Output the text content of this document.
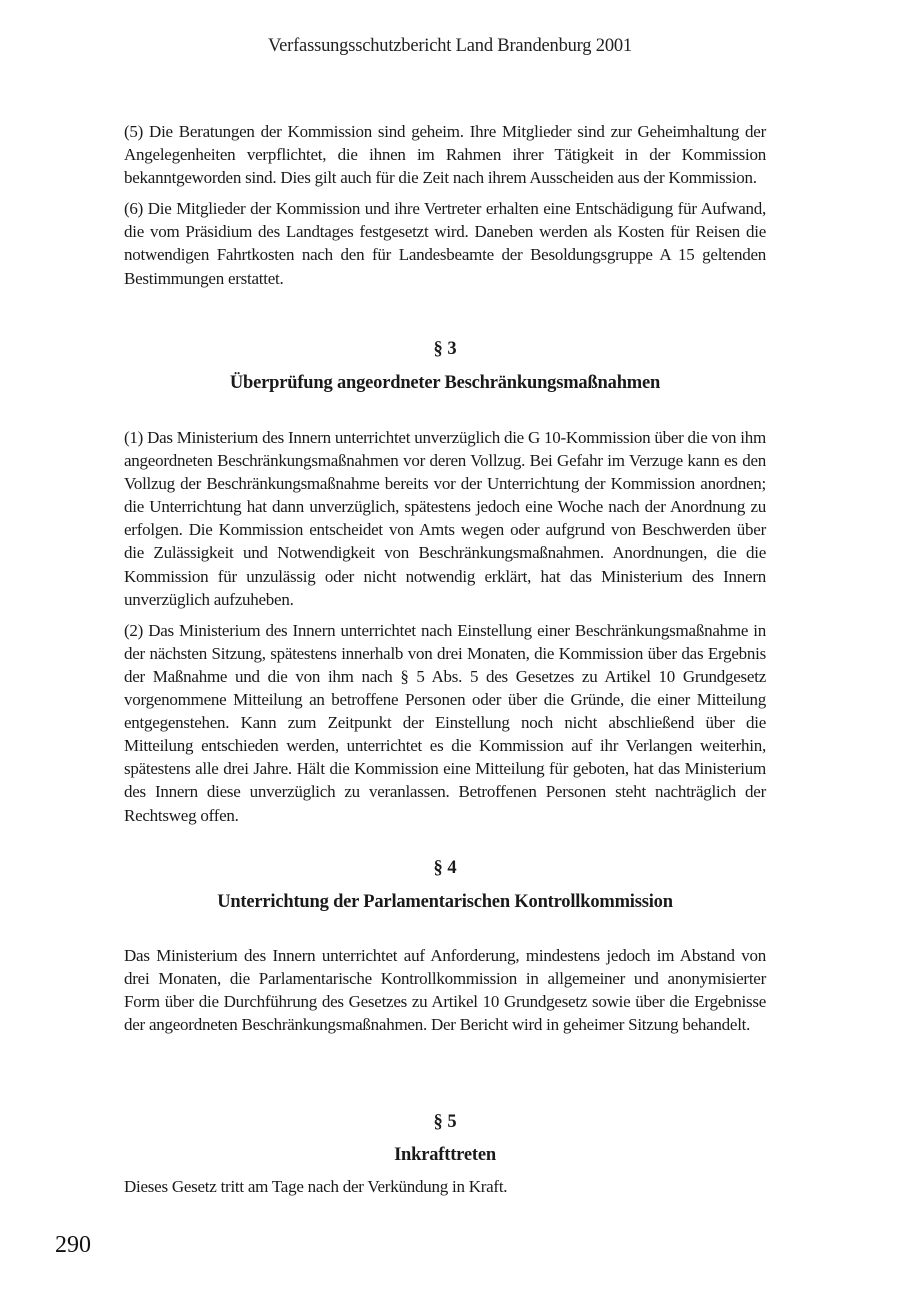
Verfassungsschutzbericht Land Brandenburg 2001

(5) Die Beratungen der Kommission sind geheim. Ihre Mitglieder sind zur Geheimhaltung der Angelegenheiten verpflichtet, die ihnen im Rahmen ihrer Tätigkeit in der Kommission bekanntgeworden sind. Dies gilt auch für die Zeit nach ihrem Ausscheiden aus der Kommission.

(6) Die Mitglieder der Kommission und ihre Vertreter erhalten eine Entschädigung für Aufwand, die vom Präsidium des Landtages festgesetzt wird. Daneben werden als Kosten für Reisen die notwendigen Fahrtkosten nach den für Landesbeamte der Besoldungsgruppe A 15 geltenden Bestimmungen erstattet.

§ 3
Überprüfung angeordneter Beschränkungsmaßnahmen

(1) Das Ministerium des Innern unterrichtet unverzüglich die G 10-Kommission über die von ihm angeordneten Beschränkungsmaßnahmen vor deren Vollzug. Bei Gefahr im Verzuge kann es den Vollzug der Beschränkungsmaßnahme bereits vor der Unterrichtung der Kommission anordnen; die Unterrichtung hat dann unverzüglich, spätestens jedoch eine Woche nach der Anordnung zu erfolgen. Die Kommission entscheidet von Amts wegen oder aufgrund von Beschwerden über die Zulässigkeit und Notwendigkeit von Beschränkungsmaßnahmen. Anordnungen, die die Kommission für unzulässig oder nicht notwendig erklärt, hat das Ministerium des Innern unverzüglich aufzuheben.

(2) Das Ministerium des Innern unterrichtet nach Einstellung einer Beschränkungsmaßnahme in der nächsten Sitzung, spätestens innerhalb von drei Monaten, die Kommission über das Ergebnis der Maßnahme und die von ihm nach § 5 Abs. 5 des Gesetzes zu Artikel 10 Grundgesetz vorgenommene Mitteilung an betroffene Personen oder über die Gründe, die einer Mitteilung entgegenstehen. Kann zum Zeitpunkt der Einstellung noch nicht abschließend über die Mitteilung entschieden werden, unterrichtet es die Kommission auf ihr Verlangen weiterhin, spätestens alle drei Jahre. Hält die Kommission eine Mitteilung für geboten, hat das Ministerium des Innern diese unverzüglich zu veranlassen. Betroffenen Personen steht nachträglich der Rechtsweg offen.

§ 4
Unterrichtung der Parlamentarischen Kontrollkommission

Das Ministerium des Innern unterrichtet auf Anforderung, mindestens jedoch im Abstand von drei Monaten, die Parlamentarische Kontrollkommission in allgemeiner und anonymisierter Form über die Durchführung des Gesetzes zu Artikel 10 Grundgesetz sowie über die Ergebnisse der angeordneten Beschränkungsmaßnahmen. Der Bericht wird in geheimer Sitzung behandelt.

§ 5
Inkrafttreten

Dieses Gesetz tritt am Tage nach der Verkündung in Kraft.

290
